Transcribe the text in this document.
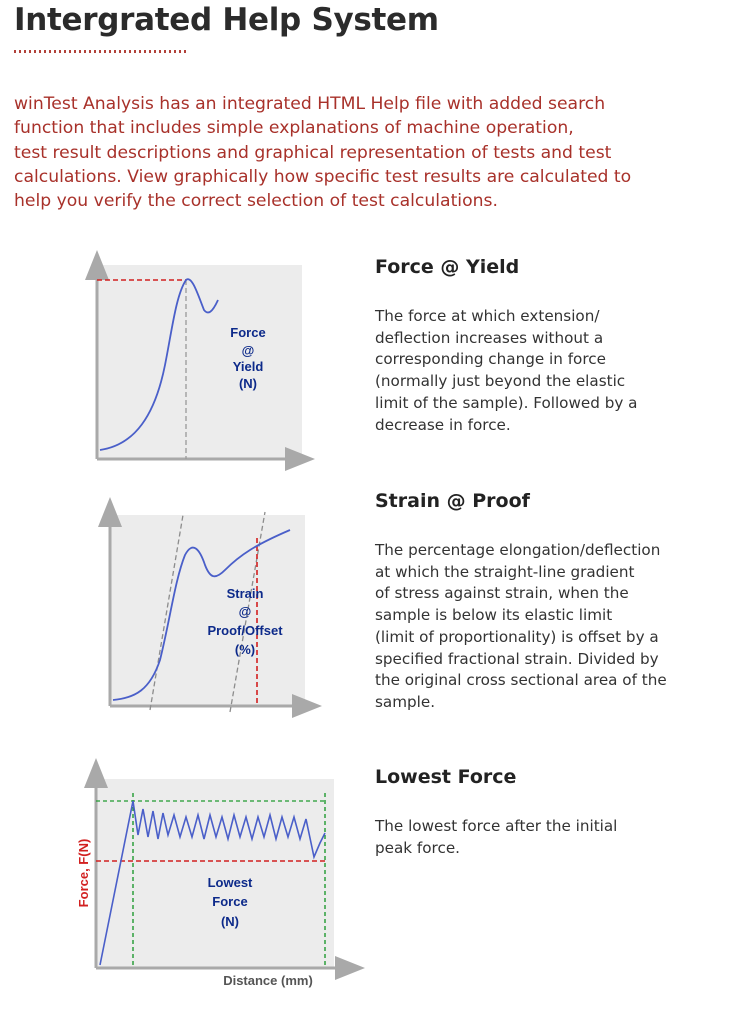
Intergrated Help System

winTest Analysis has an integrated HTML Help file with added search
function that includes simple explanations of machine operation,
test result descriptions and graphical representation of tests and test
calculations. View graphically how specific test results are calculated to
help you verify the correct selection of test calculations.

Force
@
Yield
(N)
Force @ Yield

The force at which extension/
deflection increases without a
corresponding change in force
(normally just beyond the elastic
limit of the sample). Followed by a
decrease in force.

Strain
@
Proof/Offset
(%)
Strain @ Proof

The percentage elongation/deflection
at which the straight-line gradient
of stress against strain, when the
sample is below its elastic limit
(limit of proportionality) is offset by a
specified fractional strain. Divided by
the original cross sectional area of the
sample.

Lowest
Force
(N)
Force, F(N)
Distance (mm)
Lowest Force

The lowest force after the initial
peak force.
